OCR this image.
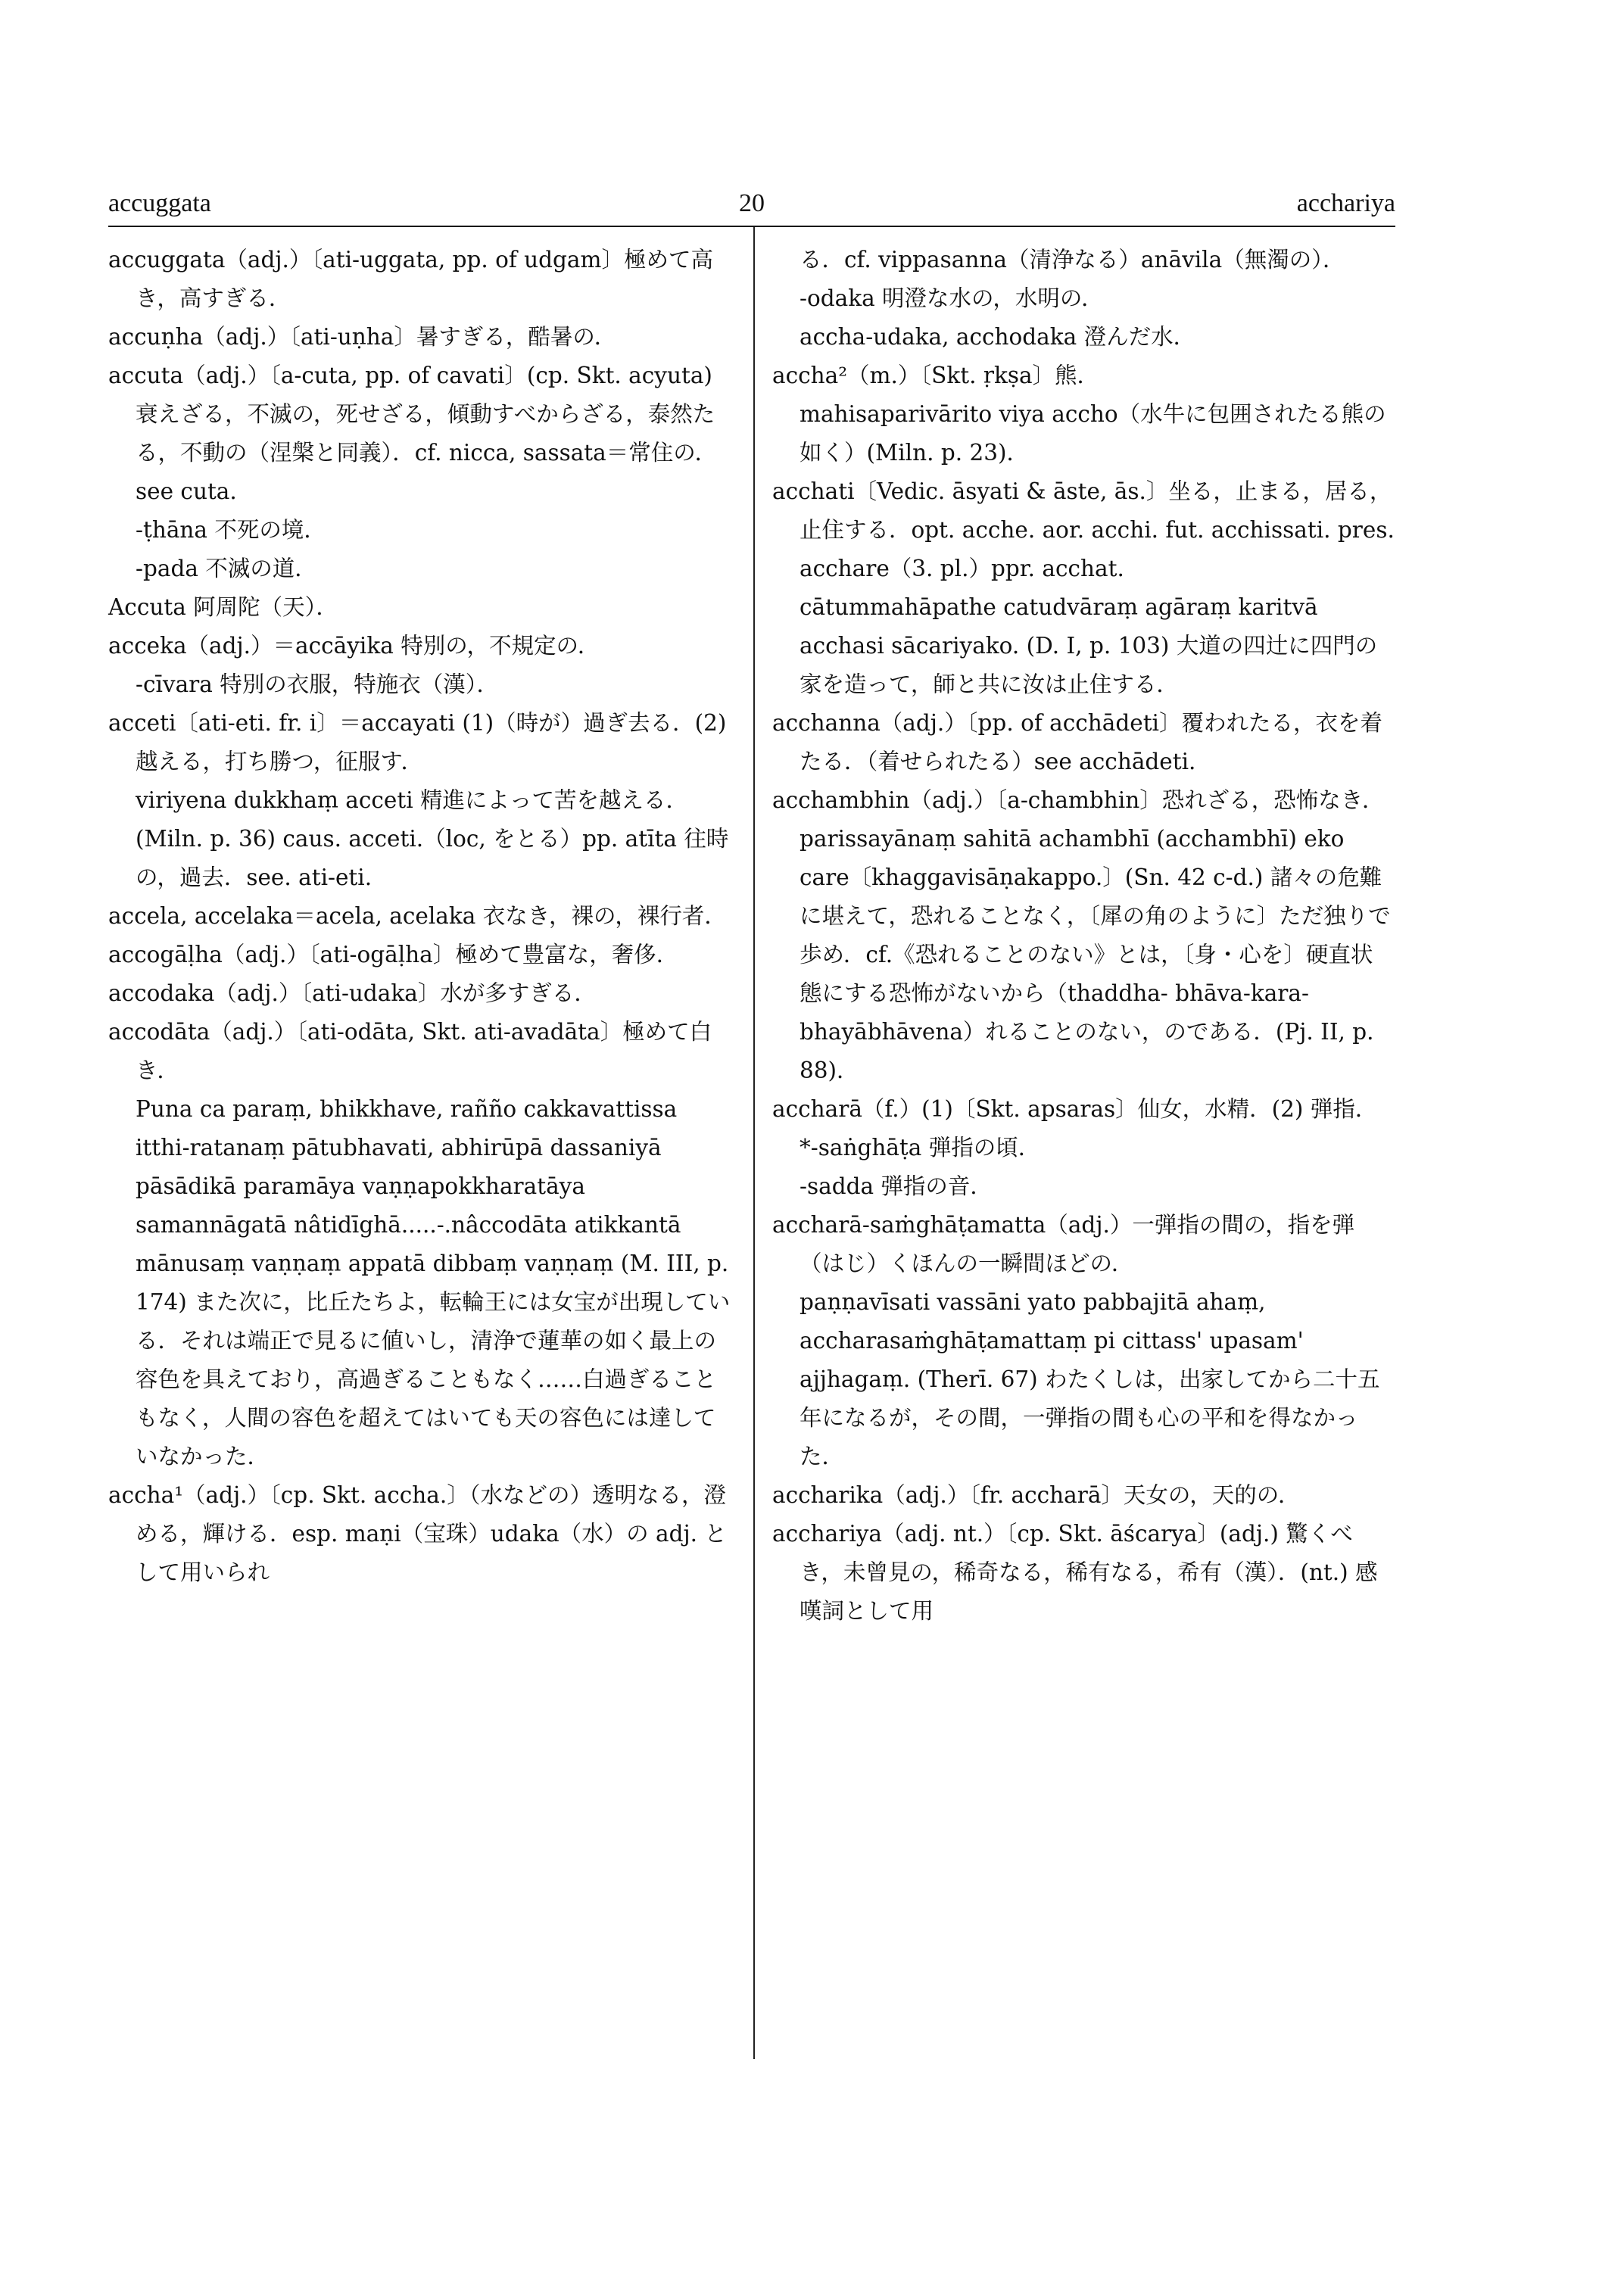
accuggata	20	acchariya

accuggata（adj.）〔ati-uggata, pp. of udgam〕極めて高き，高すぎる．

accuṇha（adj.）〔ati-uṇha〕暑すぎる，酷暑の．

accuta（adj.）〔a-cuta, pp. of cavati〕(cp. Skt. acyuta) 衰えざる，不滅の，死せざる，傾動すべからざる，泰然たる，不動の（涅槃と同義）．cf. nicca, sassata＝常住の．see cuta.

-ṭhāna 不死の境．

-pada 不滅の道．

Accuta 阿周陀（天）．

acceka（adj.）＝accāyika 特別の，不規定の．

-cīvara 特別の衣服，特施衣（漢）．

acceti〔ati-eti. fr. i〕＝accayati (1)（時が）過ぎ去る．(2) 越える，打ち勝つ，征服す．

viriyena dukkhaṃ acceti 精進によって苦を越える．(Miln. p. 36) caus. acceti.（loc, をとる）pp. atīta 往時の，過去．see. ati-eti.

accela, accelaka＝acela, acelaka 衣なき，裸の，裸行者．

accogāḷha（adj.）〔ati-ogāḷha〕極めて豊富な，奢侈．

accodaka（adj.）〔ati-udaka〕水が多すぎる．

accodāta（adj.）〔ati-odāta, Skt. ati-avadāta〕極めて白き．

Puna ca paraṃ, bhikkhave, rañño cakkavattissa itthi-ratanaṃ pātubhavati, abhirūpā dassaniyā pāsādikā paramāya vaṇṇapokkharatāya samannāgatā nâtidīghā.....-.nâccodāta atikkantā mānusaṃ vaṇṇaṃ appatā dibbaṃ vaṇṇaṃ (M. III, p. 174) また次に，比丘たちよ，転輪王には女宝が出現している．それは端正で見るに値いし，清浄で蓮華の如く最上の容色を具えており，高過ぎることもなく……白過ぎることもなく，人間の容色を超えてはいても天の容色には達していなかった．

accha¹（adj.）〔cp. Skt. accha.〕（水などの）透明なる，澄める，輝ける．esp. maṇi（宝珠）udaka（水）の adj. として用いられ

る．cf. vippasanna（清浄なる）anāvila（無濁の）．

-odaka 明澄な水の，水明の．

accha-udaka, acchodaka 澄んだ水．

accha²（m.）〔Skt. ṛkṣa〕熊．

mahisaparivārito viya accho（水牛に包囲されたる熊の如く）(Miln. p. 23)．

acchati〔Vedic. āsyati & āste, ās.〕坐る，止まる，居る，止住する．opt. acche. aor. acchi. fut. acchissati. pres. acchare（3. pl.）ppr. acchat.

cātummahāpathe catudvāraṃ agāraṃ karitvā acchasi sācariyako. (D. I, p. 103) 大道の四辻に四門の家を造って，師と共に汝は止住する．

acchanna（adj.）〔pp. of acchādeti〕覆われたる，衣を着たる．（着せられたる）see acchādeti.

acchambhin（adj.）〔a-chambhin〕恐れざる，恐怖なき．

parissayānaṃ sahitā achambhī (acchambhī) eko care〔khaggavisāṇakappo.〕(Sn. 42 c-d.) 諸々の危難に堪えて，恐れることなく，〔犀の角のように〕ただ独りで歩め．cf.《恐れることのない》とは，〔身・心を〕硬直状態にする恐怖がないから（thaddha- bhāva-kara-bhayābhāvena）れることのない，のである．(Pj. II, p. 88)．

accharā（f.）(1)〔Skt. apsaras〕仙女，水精．(2) 弾指．

*-saṅghāṭa 弾指の頃．

-sadda 弾指の音．

accharā-saṁghāṭamatta（adj.）一弾指の間の，指を弾（はじ）くほんの一瞬間ほどの．

paṇṇavīsati vassāni yato pabbajitā ahaṃ, accharasaṁghāṭamattaṃ pi cittass' upasam' ajjhagaṃ. (Therī. 67) わたくしは，出家してから二十五年になるが，その間，一弾指の間も心の平和を得なかった．

accharika（adj.）〔fr. accharā〕天女の，天的の．

acchariya（adj. nt.）〔cp. Skt. āścarya〕(adj.) 驚くべき，未曾見の，稀奇なる，稀有なる，希有（漢）．(nt.) 感嘆詞として用
